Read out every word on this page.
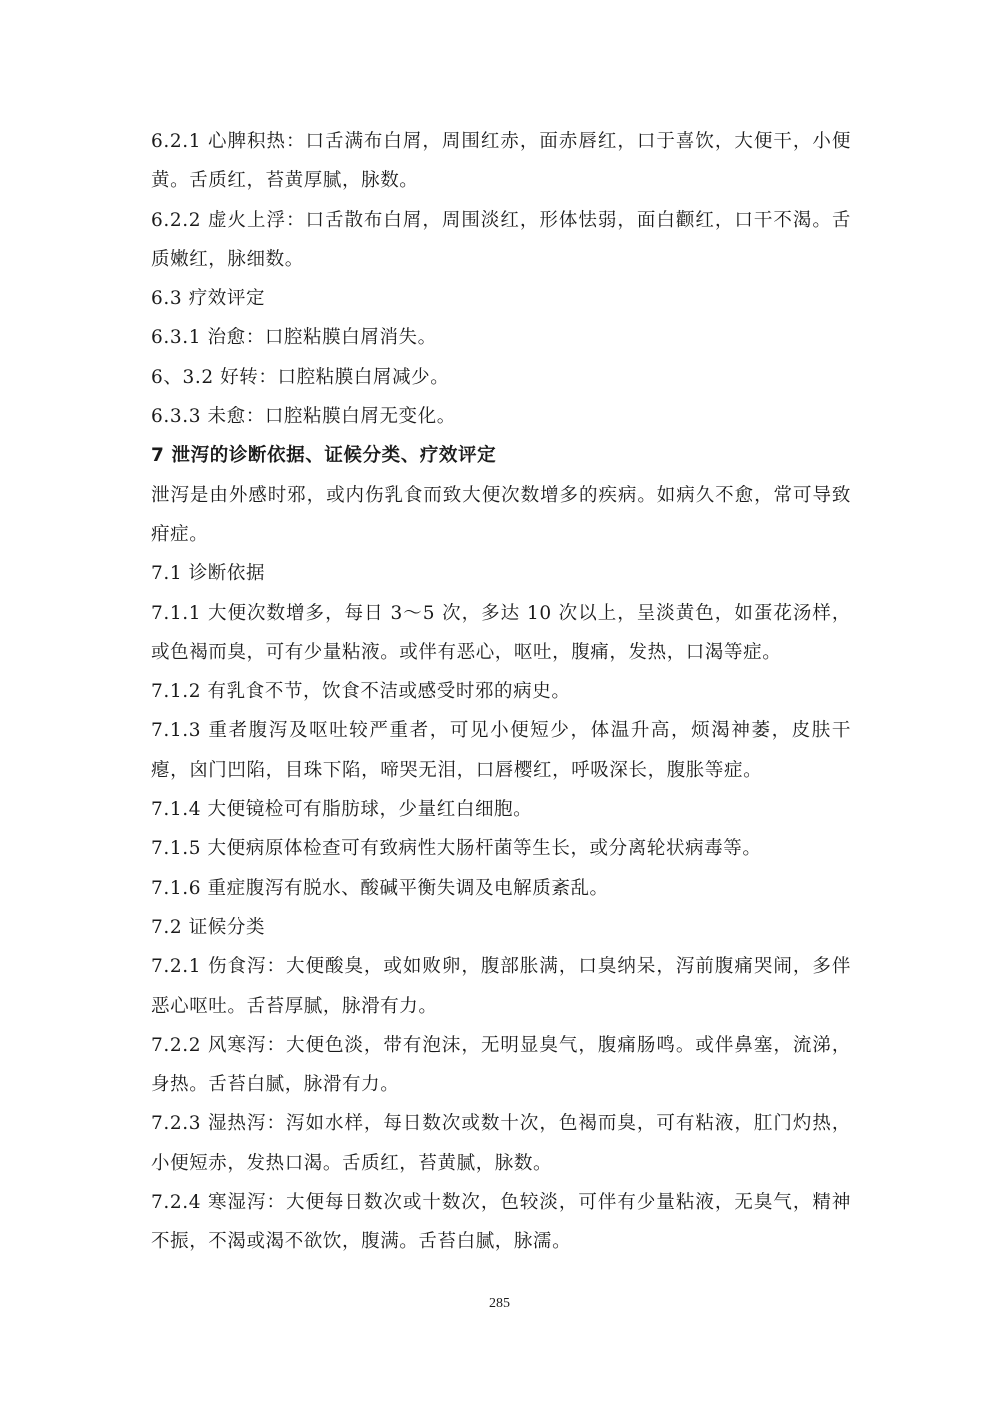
6.2.1 心脾积热：口舌满布白屑，周围红赤，面赤唇红，口于喜饮，大便干，小便黄。舌质红，苔黄厚腻，脉数。

6.2.2 虚火上浮：口舌散布白屑，周围淡红，形体怯弱，面白颧红，口干不渴。舌质嫩红，脉细数。

6.3 疗效评定

6.3.1 治愈：口腔粘膜白屑消失。

6、3.2 好转：口腔粘膜白屑减少。

6.3.3 未愈：口腔粘膜白屑无变化。

7 泄泻的诊断依据、证候分类、疗效评定

泄泻是由外感时邪，或内伤乳食而致大便次数增多的疾病。如病久不愈，常可导致疳症。

7.1 诊断依据

7.1.1 大便次数增多，每日 3～5 次，多达 10 次以上，呈淡黄色，如蛋花汤样，或色褐而臭，可有少量粘液。或伴有恶心，呕吐，腹痛，发热，口渴等症。

7.1.2 有乳食不节，饮食不洁或感受时邪的病史。

7.1.3 重者腹泻及呕吐较严重者，可见小便短少，体温升高，烦渴神萎，皮肤干瘪，囟门凹陷，目珠下陷，啼哭无泪，口唇樱红，呼吸深长，腹胀等症。

7.1.4 大便镜检可有脂肪球，少量红白细胞。

7.1.5 大便病原体检查可有致病性大肠杆菌等生长，或分离轮状病毒等。

7.1.6 重症腹泻有脱水、酸碱平衡失调及电解质紊乱。

7.2 证候分类

7.2.1 伤食泻：大便酸臭，或如败卵，腹部胀满，口臭纳呆，泻前腹痛哭闹，多伴恶心呕吐。舌苔厚腻，脉滑有力。

7.2.2 风寒泻：大便色淡，带有泡沫，无明显臭气，腹痛肠鸣。或伴鼻塞，流涕，身热。舌苔白腻，脉滑有力。

7.2.3 湿热泻：泻如水样，每日数次或数十次，色褐而臭，可有粘液，肛门灼热，小便短赤，发热口渴。舌质红，苔黄腻，脉数。

7.2.4 寒湿泻：大便每日数次或十数次，色较淡，可伴有少量粘液，无臭气，精神不振，不渴或渴不欲饮，腹满。舌苔白腻，脉濡。

285
